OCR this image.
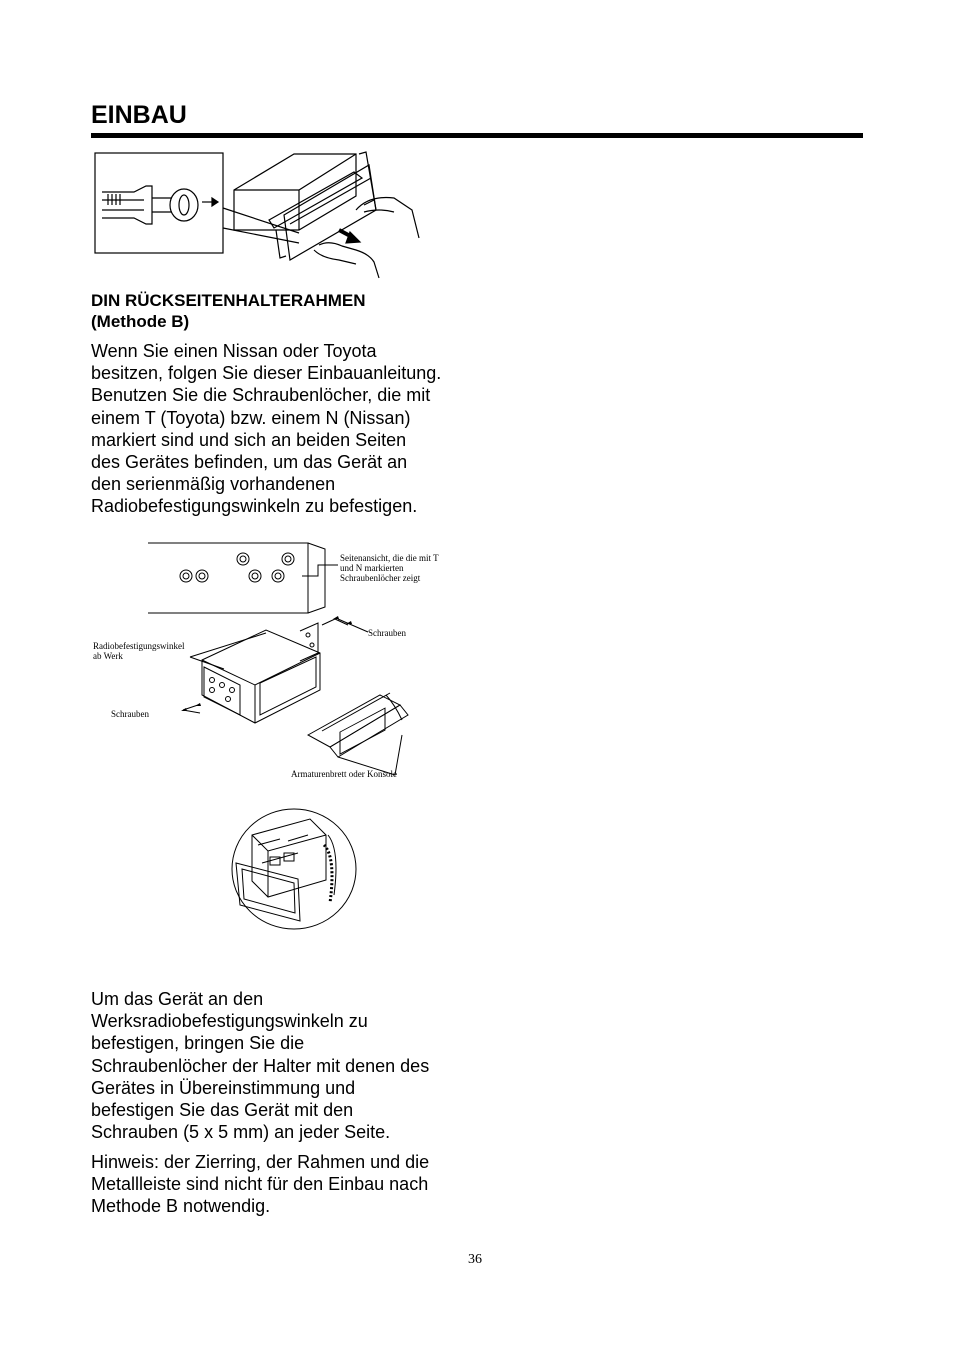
EINBAU
DIN RÜCKSEITENHALTERAHMEN
(Methode B)
Wenn Sie einen Nissan oder Toyota
besitzen, folgen Sie dieser Einbauanleitung.
Benutzen Sie die Schraubenlöcher, die mit
einem T (Toyota) bzw. einem N (Nissan)
markiert sind und sich an beiden Seiten
des Gerätes befinden, um das Gerät an
den serienmäßig vorhandenen
Radiobefestigungswinkeln zu befestigen.
Seitenansicht, die die mit T
und N markierten
Schraubenlöcher zeigt
Schrauben
Radiobefestigungswinkel
ab Werk
Schrauben
Armaturenbrett oder Konsole
Um das Gerät an den
Werksradiobefestigungswinkeln zu
befestigen, bringen Sie die
Schraubenlöcher der Halter mit denen des
Gerätes in Übereinstimmung und
befestigen Sie das Gerät mit den
Schrauben (5 x 5 mm) an jeder Seite.
Hinweis: der Zierring, der Rahmen und die
Metallleiste sind nicht für den Einbau nach
Methode B notwendig.
36
